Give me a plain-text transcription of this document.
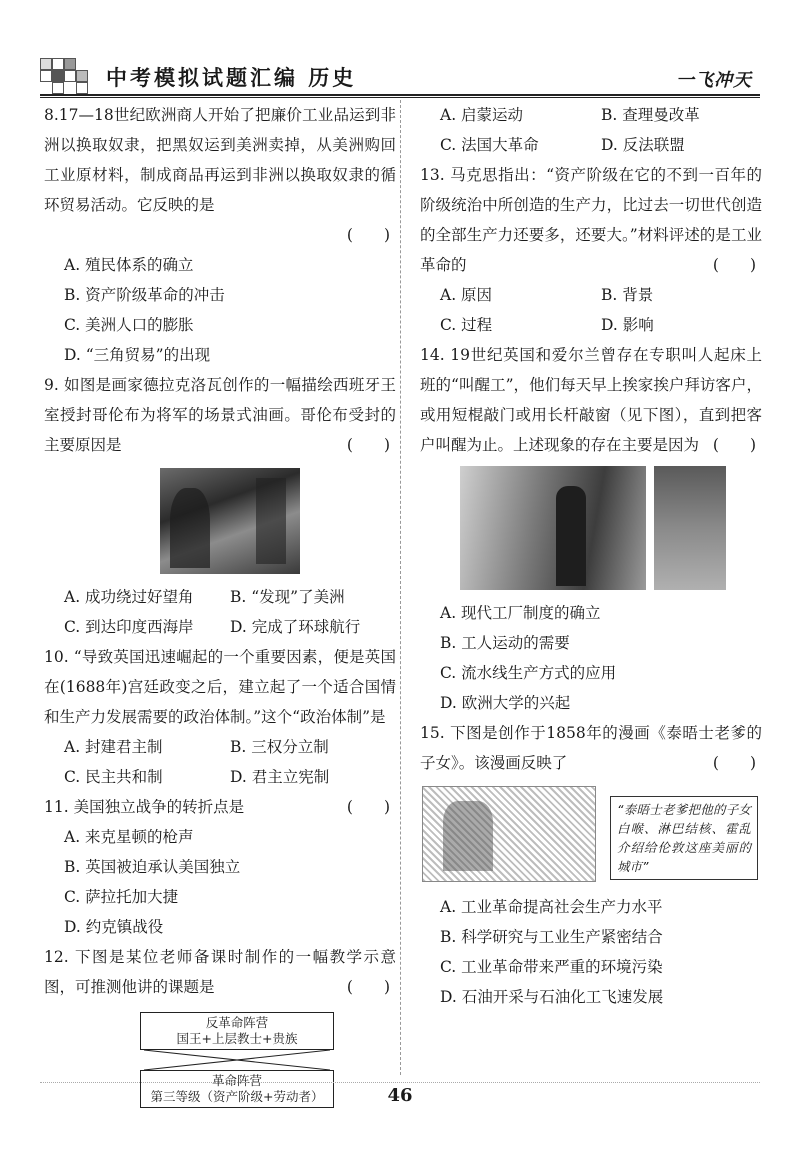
中考模拟试题汇编 历史	一飞冲天
8.17—18世纪欧洲商人开始了把廉价工业品运到非洲以换取奴隶，把黑奴运到美洲卖掉，从美洲购回工业原材料，制成商品再运到非洲以换取奴隶的循环贸易活动。它反映的是
(　　)
A. 殖民体系的确立
B. 资产阶级革命的冲击
C. 美洲人口的膨胀
D. “三角贸易”的出现
9. 如图是画家德拉克洛瓦创作的一幅描绘西班牙王室授封哥伦布为将军的场景式油画。哥伦布受封的主要原因是	(　　)
A. 成功绕过好望角	B. “发现”了美洲
C. 到达印度西海岸	D. 完成了环球航行
10. “导致英国迅速崛起的一个重要因素，便是英国在(1688年)宫廷政变之后，建立起了一个适合国情和生产力发展需要的政治体制。”这个“政治体制”是
A. 封建君主制	B. 三权分立制
C. 民主共和制	D. 君主立宪制
11. 美国独立战争的转折点是	(　　)
A. 来克星顿的枪声
B. 英国被迫承认美国独立
C. 萨拉托加大捷
D. 约克镇战役
12. 下图是某位老师备课时制作的一幅教学示意图，可推测他讲的课题是	(　　)
反革命阵营
国王+上层教士+贵族
革命阵营
第三等级（资产阶级+劳动者）
A. 启蒙运动	B. 查理曼改革
C. 法国大革命	D. 反法联盟
13. 马克思指出：“资产阶级在它的不到一百年的阶级统治中所创造的生产力，比过去一切世代创造的全部生产力还要多，还要大。”材料评述的是工业革命的	(　　)
A. 原因	B. 背景
C. 过程	D. 影响
14. 19世纪英国和爱尔兰曾存在专职叫人起床上班的“叫醒工”，他们每天早上挨家挨户拜访客户，或用短棍敲门或用长杆敲窗（见下图），直到把客户叫醒为止。上述现象的存在主要是因为 (　　)
A. 现代工厂制度的确立
B. 工人运动的需要
C. 流水线生产方式的应用
D. 欧洲大学的兴起
15. 下图是创作于1858年的漫画《泰晤士老爹的子女》。该漫画反映了	(　　)
“泰晤士老爹把他的子女白喉、淋巴结核、霍乱介绍给伦敦这座美丽的城市”
A. 工业革命提高社会生产力水平
B. 科学研究与工业生产紧密结合
C. 工业革命带来严重的环境污染
D. 石油开采与石油化工飞速发展
46
